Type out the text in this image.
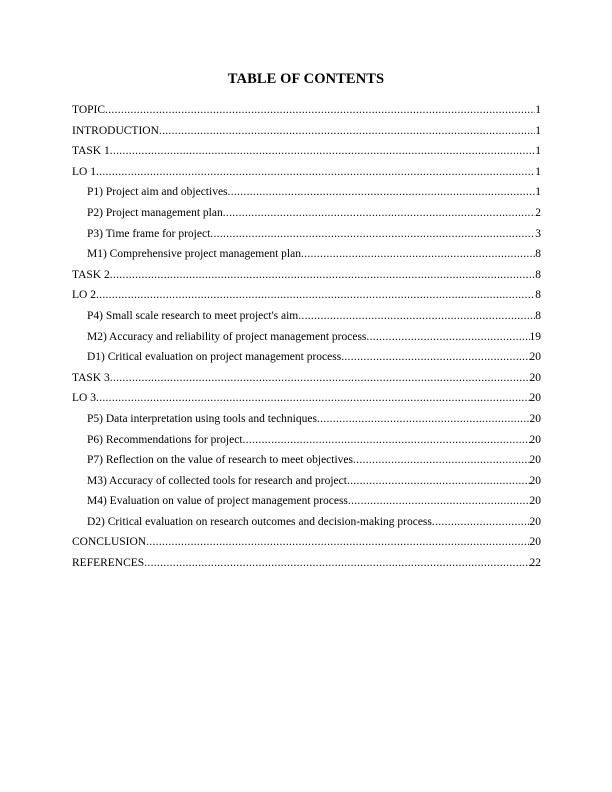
TABLE OF CONTENTS
TOPIC .....	1
INTRODUCTION .....	1
TASK 1 .....	1
LO 1 .....	1
P1) Project aim and objectives .....	1
P2) Project management plan .....	2
P3) Time frame for project .....	3
M1) Comprehensive project management plan .....	8
TASK 2 .....	8
LO 2 .....	8
P4) Small scale research to meet project's aim .....	8
M2) Accuracy and reliability of project management process .....	19
D1) Critical evaluation on project management process .....	20
TASK 3 .....	20
LO 3 .....	20
P5) Data interpretation using tools and techniques .....	20
P6) Recommendations for project .....	20
P7) Reflection on the value of research to meet objectives .....	20
M3) Accuracy of collected tools for research and project .....	20
M4) Evaluation on value of project management process .....	20
D2) Critical evaluation on research outcomes and decision-making process .....	20
CONCLUSION .....	20
REFERENCES .....	22
